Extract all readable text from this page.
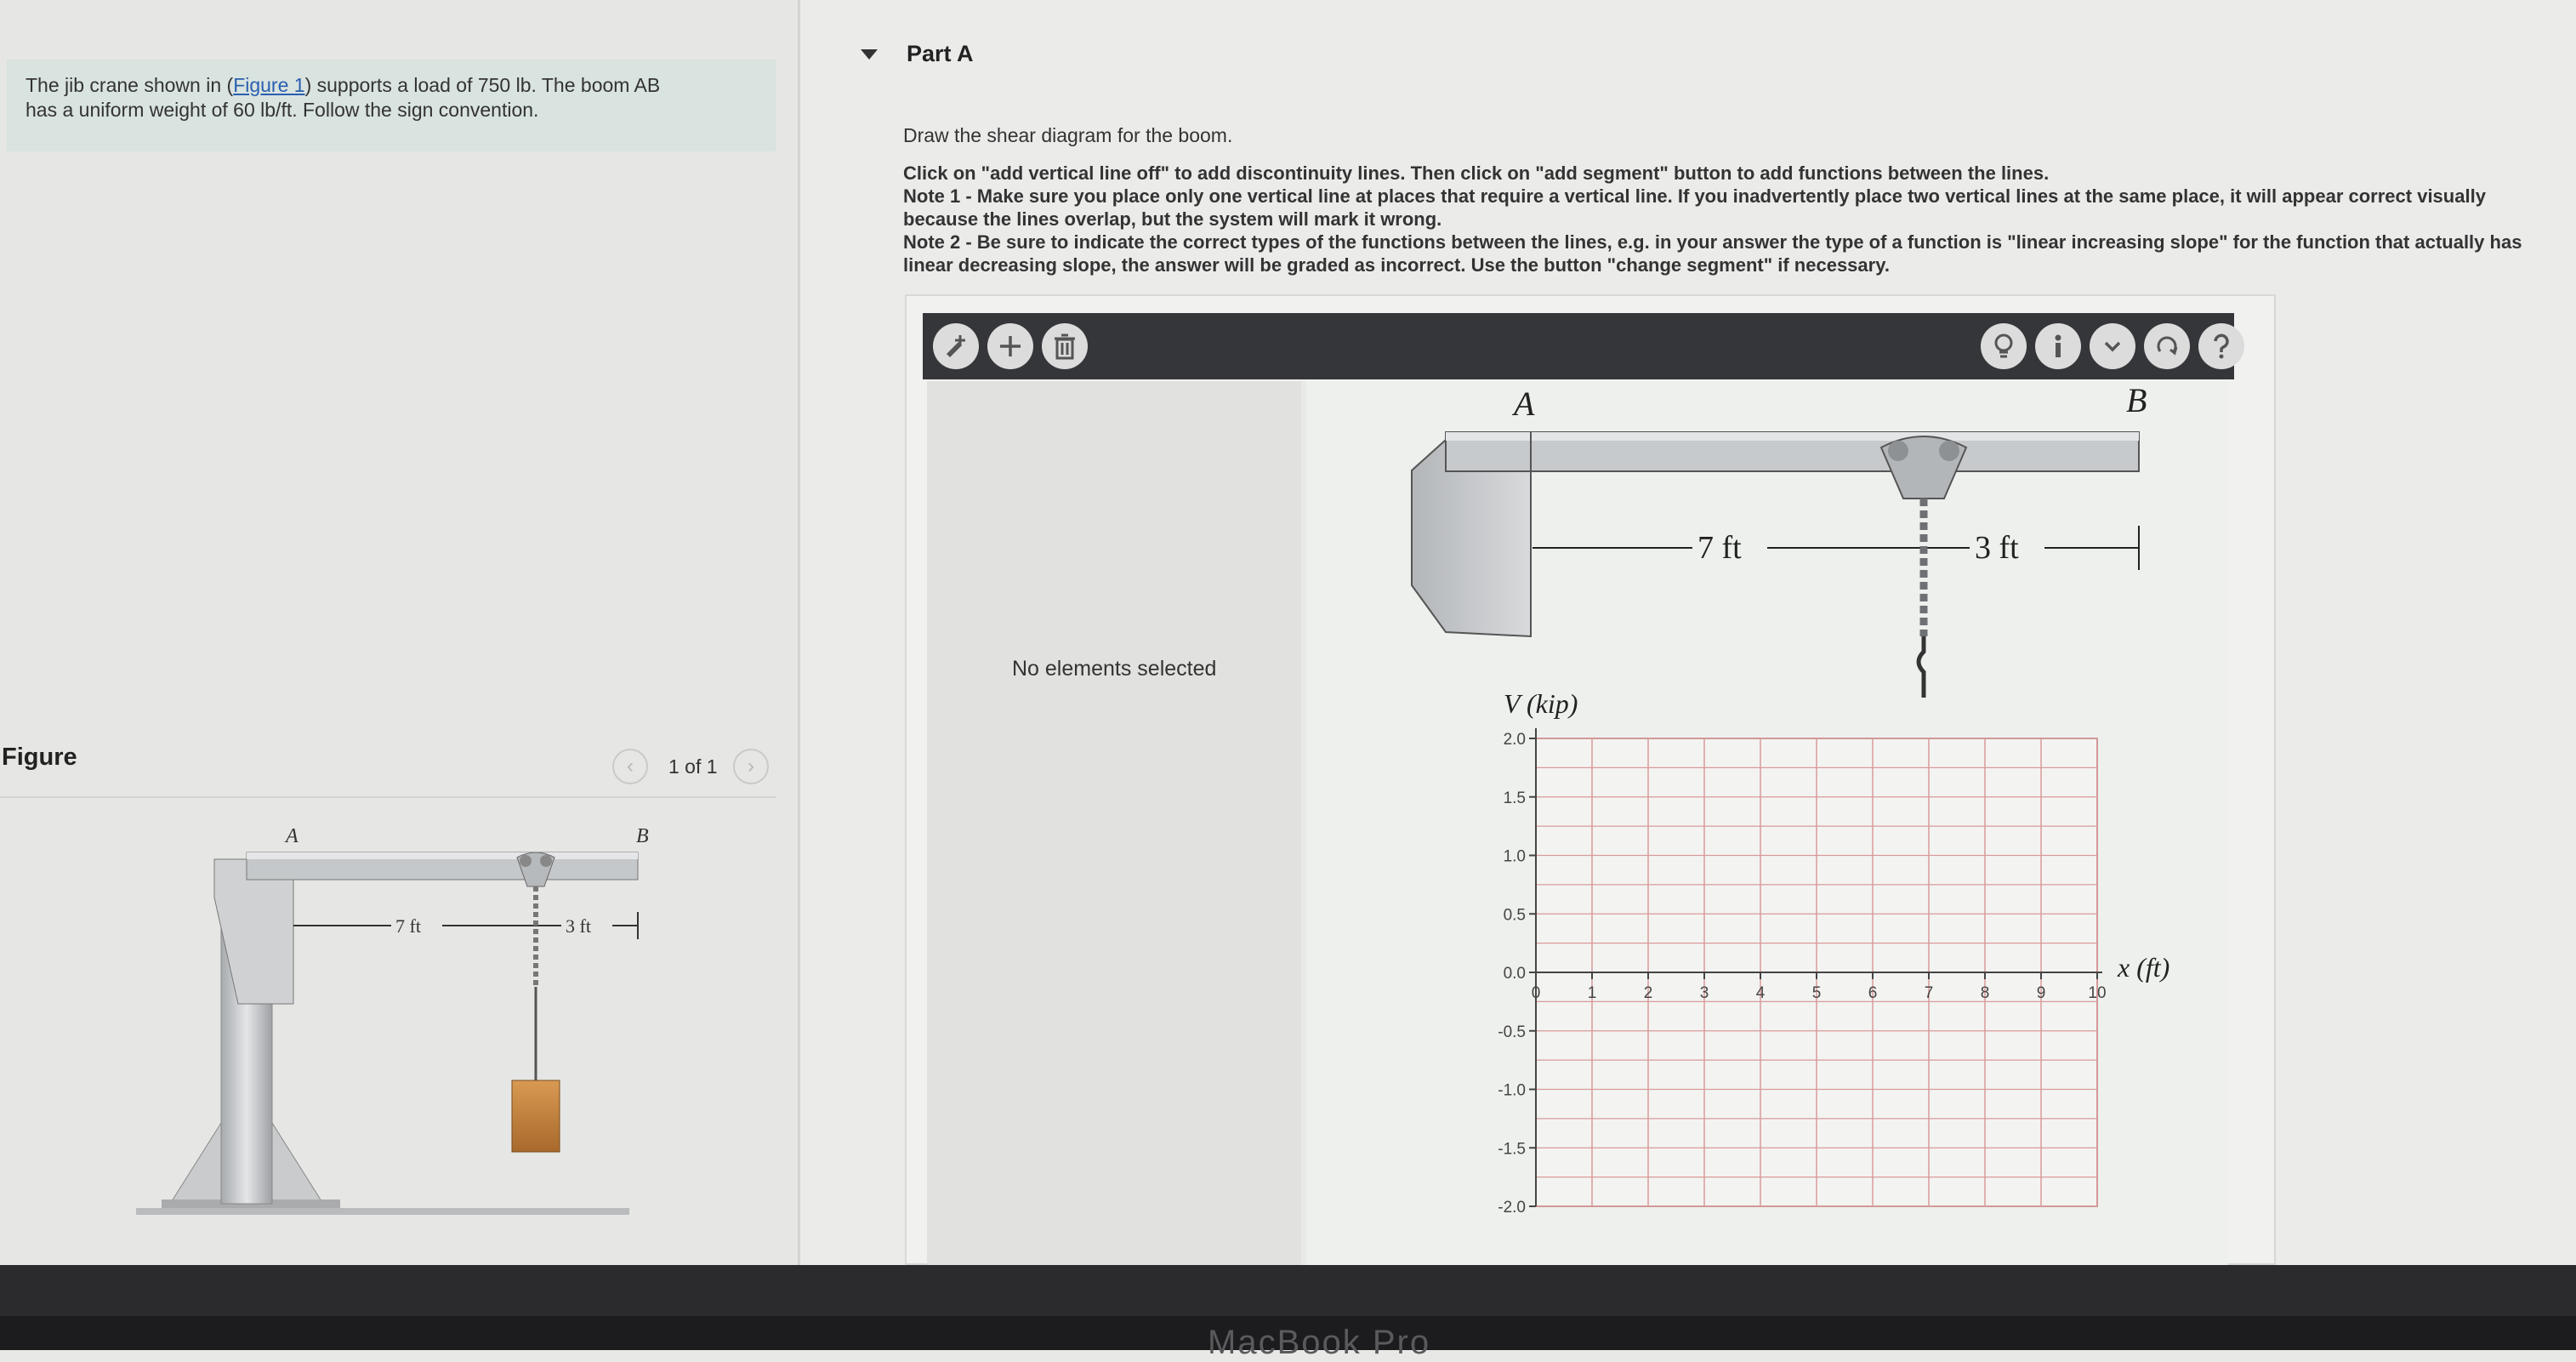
The jib crane shown in (Figure 1) supports a load of 750 lb. The boom AB
has a uniform weight of 60 lb/ft. Follow the sign convention.
Figure	‹	1 of 1	›
A	B
7 ft	3 ft
Part A
Draw the shear diagram for the boom.
Click on "add vertical line off" to add discontinuity lines. Then click on "add segment" button to add functions between the lines.
Note 1 - Make sure you place only one vertical line at places that require a vertical line. If you inadvertently place two vertical lines at the same place, it will appear correct visually because the lines overlap, but the system will mark it wrong.
Note 2 - Be sure to indicate the correct types of the functions between the lines, e.g. in your answer the type of a function is "linear increasing slope" for the function that actually has linear decreasing slope, the answer will be graded as incorrect. Use the button "change segment" if necessary.
No elements selected
A	B
7 ft	3 ft
2.0
1.5
1.0
0.5
0.0
-0.5
-1.0
-1.5
-2.0
0	1	2	3	4	5	6	7	8	9	10
V (kip)
x (ft)
MacBook Pro
